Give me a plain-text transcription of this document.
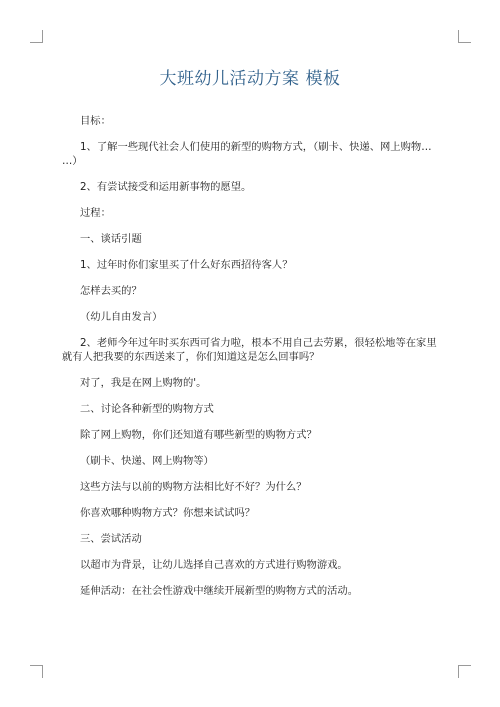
大班幼儿活动方案 模板
目标：
1、了解一些现代社会人们使用的新型的购物方式，（刷卡、快递、网上购物…
…）
2、有尝试接受和运用新事物的愿望。
过程：
一、谈话引题
1、过年时你们家里买了什么好东西招待客人？
怎样去买的？
（幼儿自由发言）
2、老师今年过年时买东西可省力啦，根本不用自己去劳累，很轻松地等在家里
就有人把我要的东西送来了，你们知道这是怎么回事吗？
对了，我是在网上购物的'。
二、讨论各种新型的购物方式
除了网上购物，你们还知道有哪些新型的购物方式？
（刷卡、快递、网上购物等）
这些方法与以前的购物方法相比好不好？为什么？
你喜欢哪种购物方式？你想来试试吗？
三、尝试活动
以超市为背景，让幼儿选择自己喜欢的方式进行购物游戏。
延伸活动：在社会性游戏中继续开展新型的购物方式的活动。
